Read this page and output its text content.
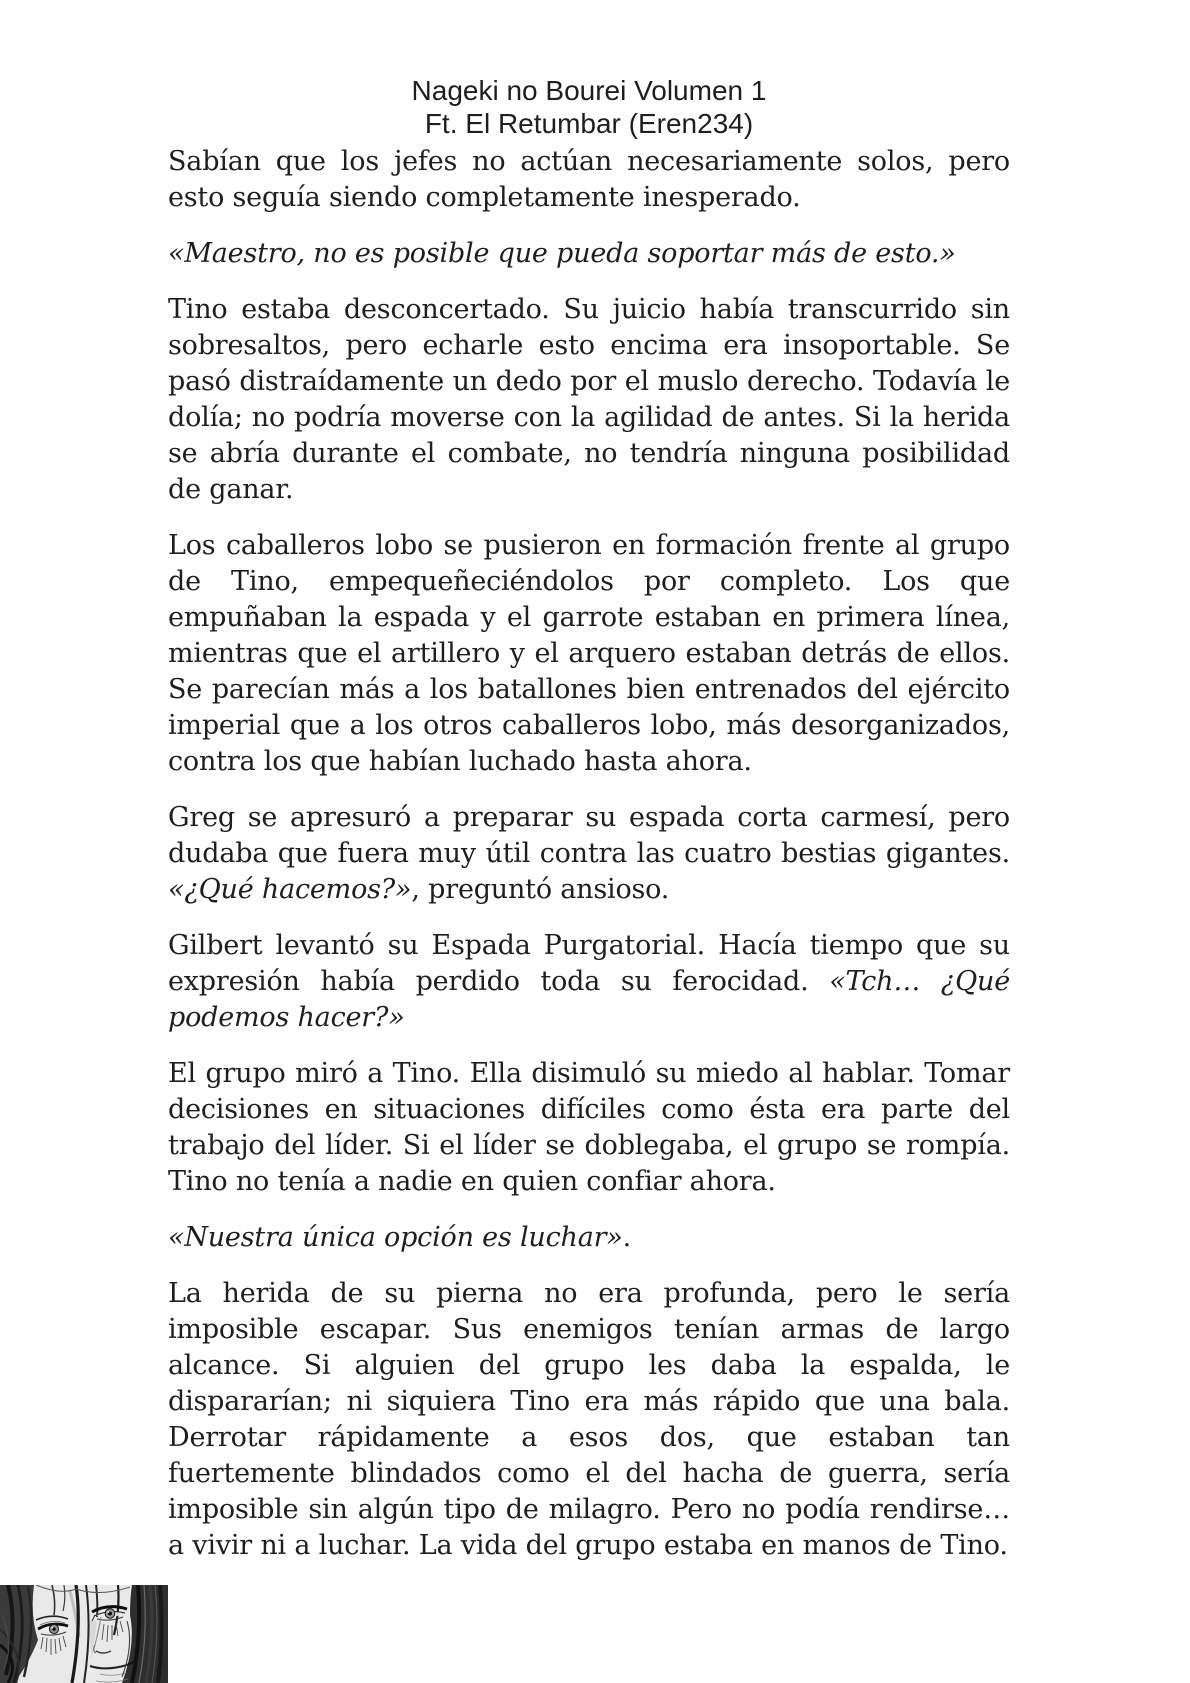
Nageki no Bourei Volumen 1
Ft. El Retumbar (Eren234)

Sabían que los jefes no actúan necesariamente solos, pero esto seguía siendo completamente inesperado.

«Maestro, no es posible que pueda soportar más de esto.»

Tino estaba desconcertado. Su juicio había transcurrido sin sobresaltos, pero echarle esto encima era insoportable. Se pasó distraídamente un dedo por el muslo derecho. Todavía le dolía; no podría moverse con la agilidad de antes. Si la herida se abría durante el combate, no tendría ninguna posibilidad de ganar.

Los caballeros lobo se pusieron en formación frente al grupo de Tino, empequeñeciéndolos por completo. Los que empuñaban la espada y el garrote estaban en primera línea, mientras que el artillero y el arquero estaban detrás de ellos. Se parecían más a los batallones bien entrenados del ejército imperial que a los otros caballeros lobo, más desorganizados, contra los que habían luchado hasta ahora.

Greg se apresuró a preparar su espada corta carmesí, pero dudaba que fuera muy útil contra las cuatro bestias gigantes. «¿Qué hacemos?», preguntó ansioso.

Gilbert levantó su Espada Purgatorial. Hacía tiempo que su expresión había perdido toda su ferocidad. «Tch… ¿Qué podemos hacer?»

El grupo miró a Tino. Ella disimuló su miedo al hablar. Tomar decisiones en situaciones difíciles como ésta era parte del trabajo del líder. Si el líder se doblegaba, el grupo se rompía. Tino no tenía a nadie en quien confiar ahora.

«Nuestra única opción es luchar».

La herida de su pierna no era profunda, pero le sería imposible escapar. Sus enemigos tenían armas de largo alcance. Si alguien del grupo les daba la espalda, le dispararían; ni siquiera Tino era más rápido que una bala. Derrotar rápidamente a esos dos, que estaban tan fuertemente blindados como el del hacha de guerra, sería imposible sin algún tipo de milagro. Pero no podía rendirse… a vivir ni a luchar. La vida del grupo estaba en manos de Tino.
